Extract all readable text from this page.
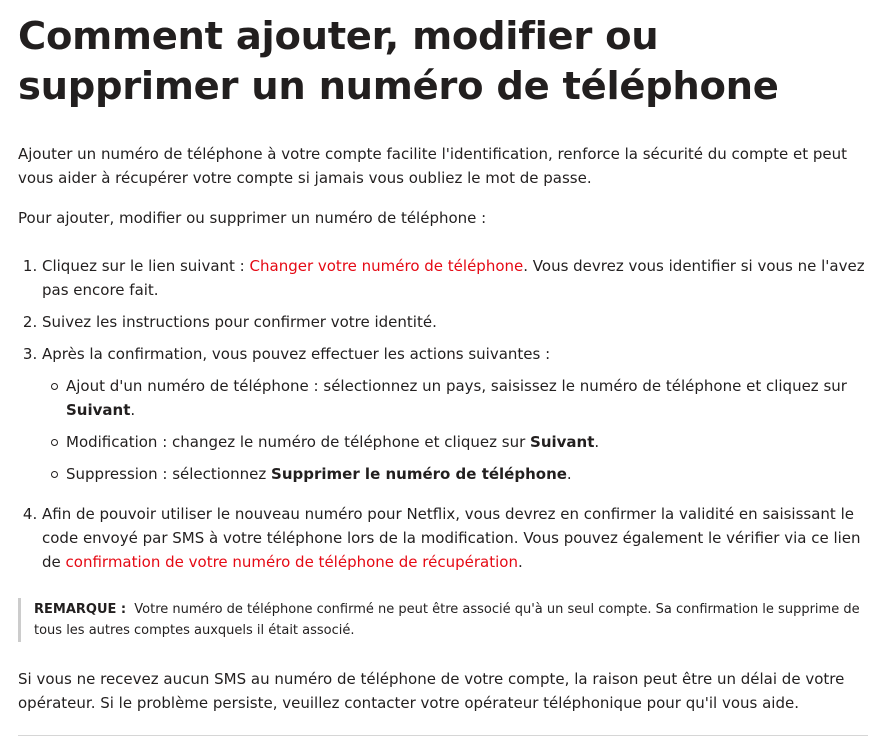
Comment ajouter, modifier ou supprimer un numéro de téléphone

Ajouter un numéro de téléphone à votre compte facilite l'identification, renforce la sécurité du compte et peut vous aider à récupérer votre compte si jamais vous oubliez le mot de passe.

Pour ajouter, modifier ou supprimer un numéro de téléphone :

1. Cliquez sur le lien suivant : Changer votre numéro de téléphone. Vous devrez vous identifier si vous ne l'avez pas encore fait.
2. Suivez les instructions pour confirmer votre identité.
3. Après la confirmation, vous pouvez effectuer les actions suivantes :
Ajout d'un numéro de téléphone : sélectionnez un pays, saisissez le numéro de téléphone et cliquez sur Suivant.
Modification : changez le numéro de téléphone et cliquez sur Suivant.
Suppression : sélectionnez Supprimer le numéro de téléphone.
4. Afin de pouvoir utiliser le nouveau numéro pour Netflix, vous devrez en confirmer la validité en saisissant le code envoyé par SMS à votre téléphone lors de la modification. Vous pouvez également le vérifier via ce lien de confirmation de votre numéro de téléphone de récupération.
REMARQUE : Votre numéro de téléphone confirmé ne peut être associé qu'à un seul compte. Sa confirmation le supprime de tous les autres comptes auxquels il était associé.

Si vous ne recevez aucun SMS au numéro de téléphone de votre compte, la raison peut être un délai de votre opérateur. Si le problème persiste, veuillez contacter votre opérateur téléphonique pour qu'il vous aide.
